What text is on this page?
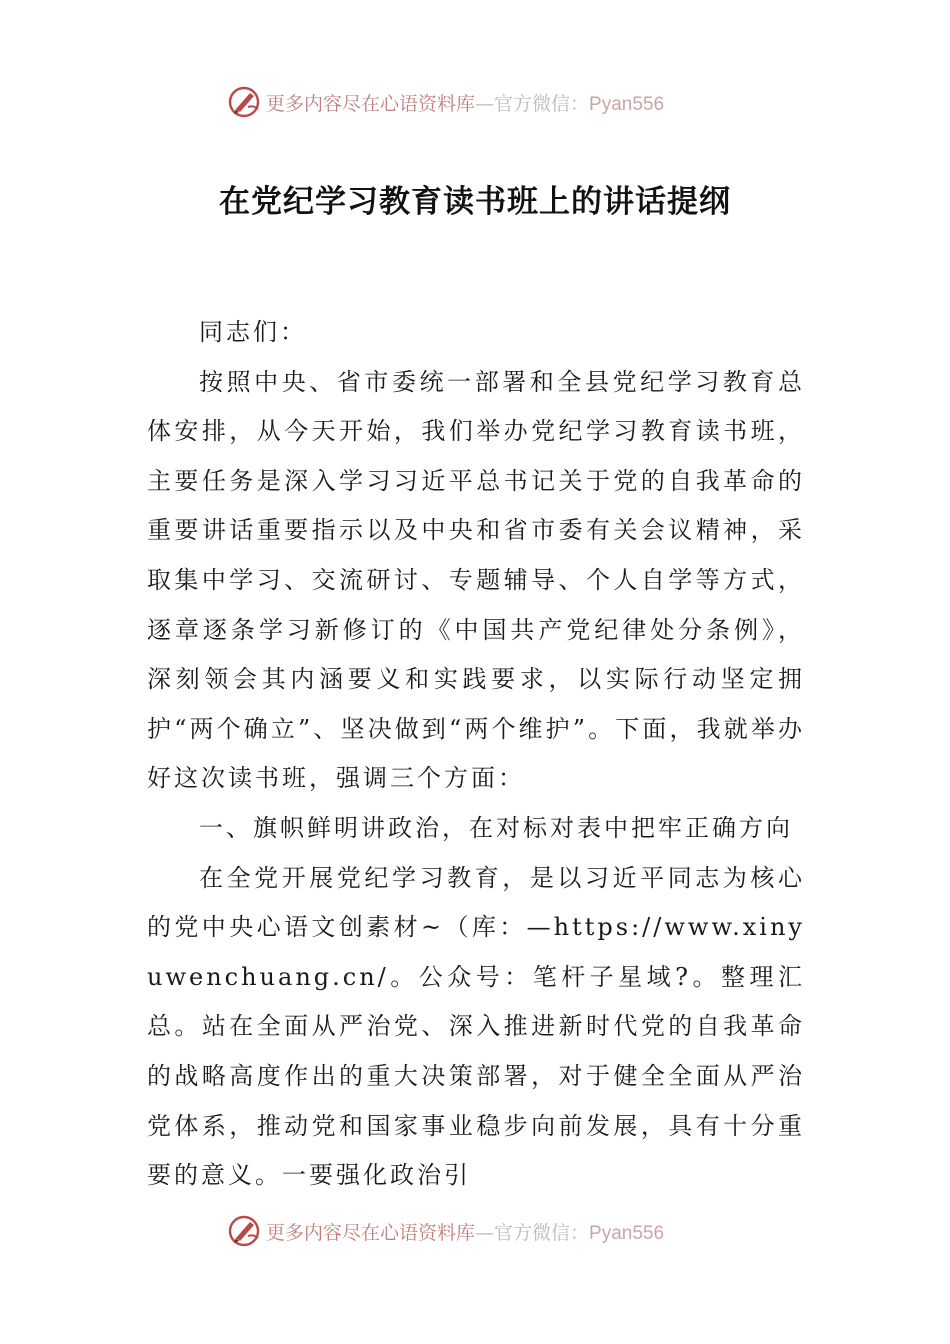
更多内容尽在心语资料库—官方微信：Pyan556
在党纪学习教育读书班上的讲话提纲

同志们：

按照中央、省市委统一部署和全县党纪学习教育总体安排，从今天开始，我们举办党纪学习教育读书班，主要任务是深入学习习近平总书记关于党的自我革命的重要讲话重要指示以及中央和省市委有关会议精神，采取集中学习、交流研讨、专题辅导、个人自学等方式，逐章逐条学习新修订的《中国共产党纪律处分条例》，深刻领会其内涵要义和实践要求，以实际行动坚定拥护“两个确立”、坚决做到“两个维护”。下面，我就举办好这次读书班，强调三个方面：

一、旗帜鲜明讲政治，在对标对表中把牢正确方向

在全党开展党纪学习教育，是以习近平同志为核心的党中央心语文创素材~（库：—https://www.xinyuwenchuang.cn/。公众号：笔杆子星域?。整理汇总。站在全面从严治党、深入推进新时代党的自我革命的战略高度作出的重大决策部署，对于健全全面从严治党体系，推动党和国家事业稳步向前发展，具有十分重要的意义。一要强化政治引

更多内容尽在心语资料库—官方微信：Pyan556
